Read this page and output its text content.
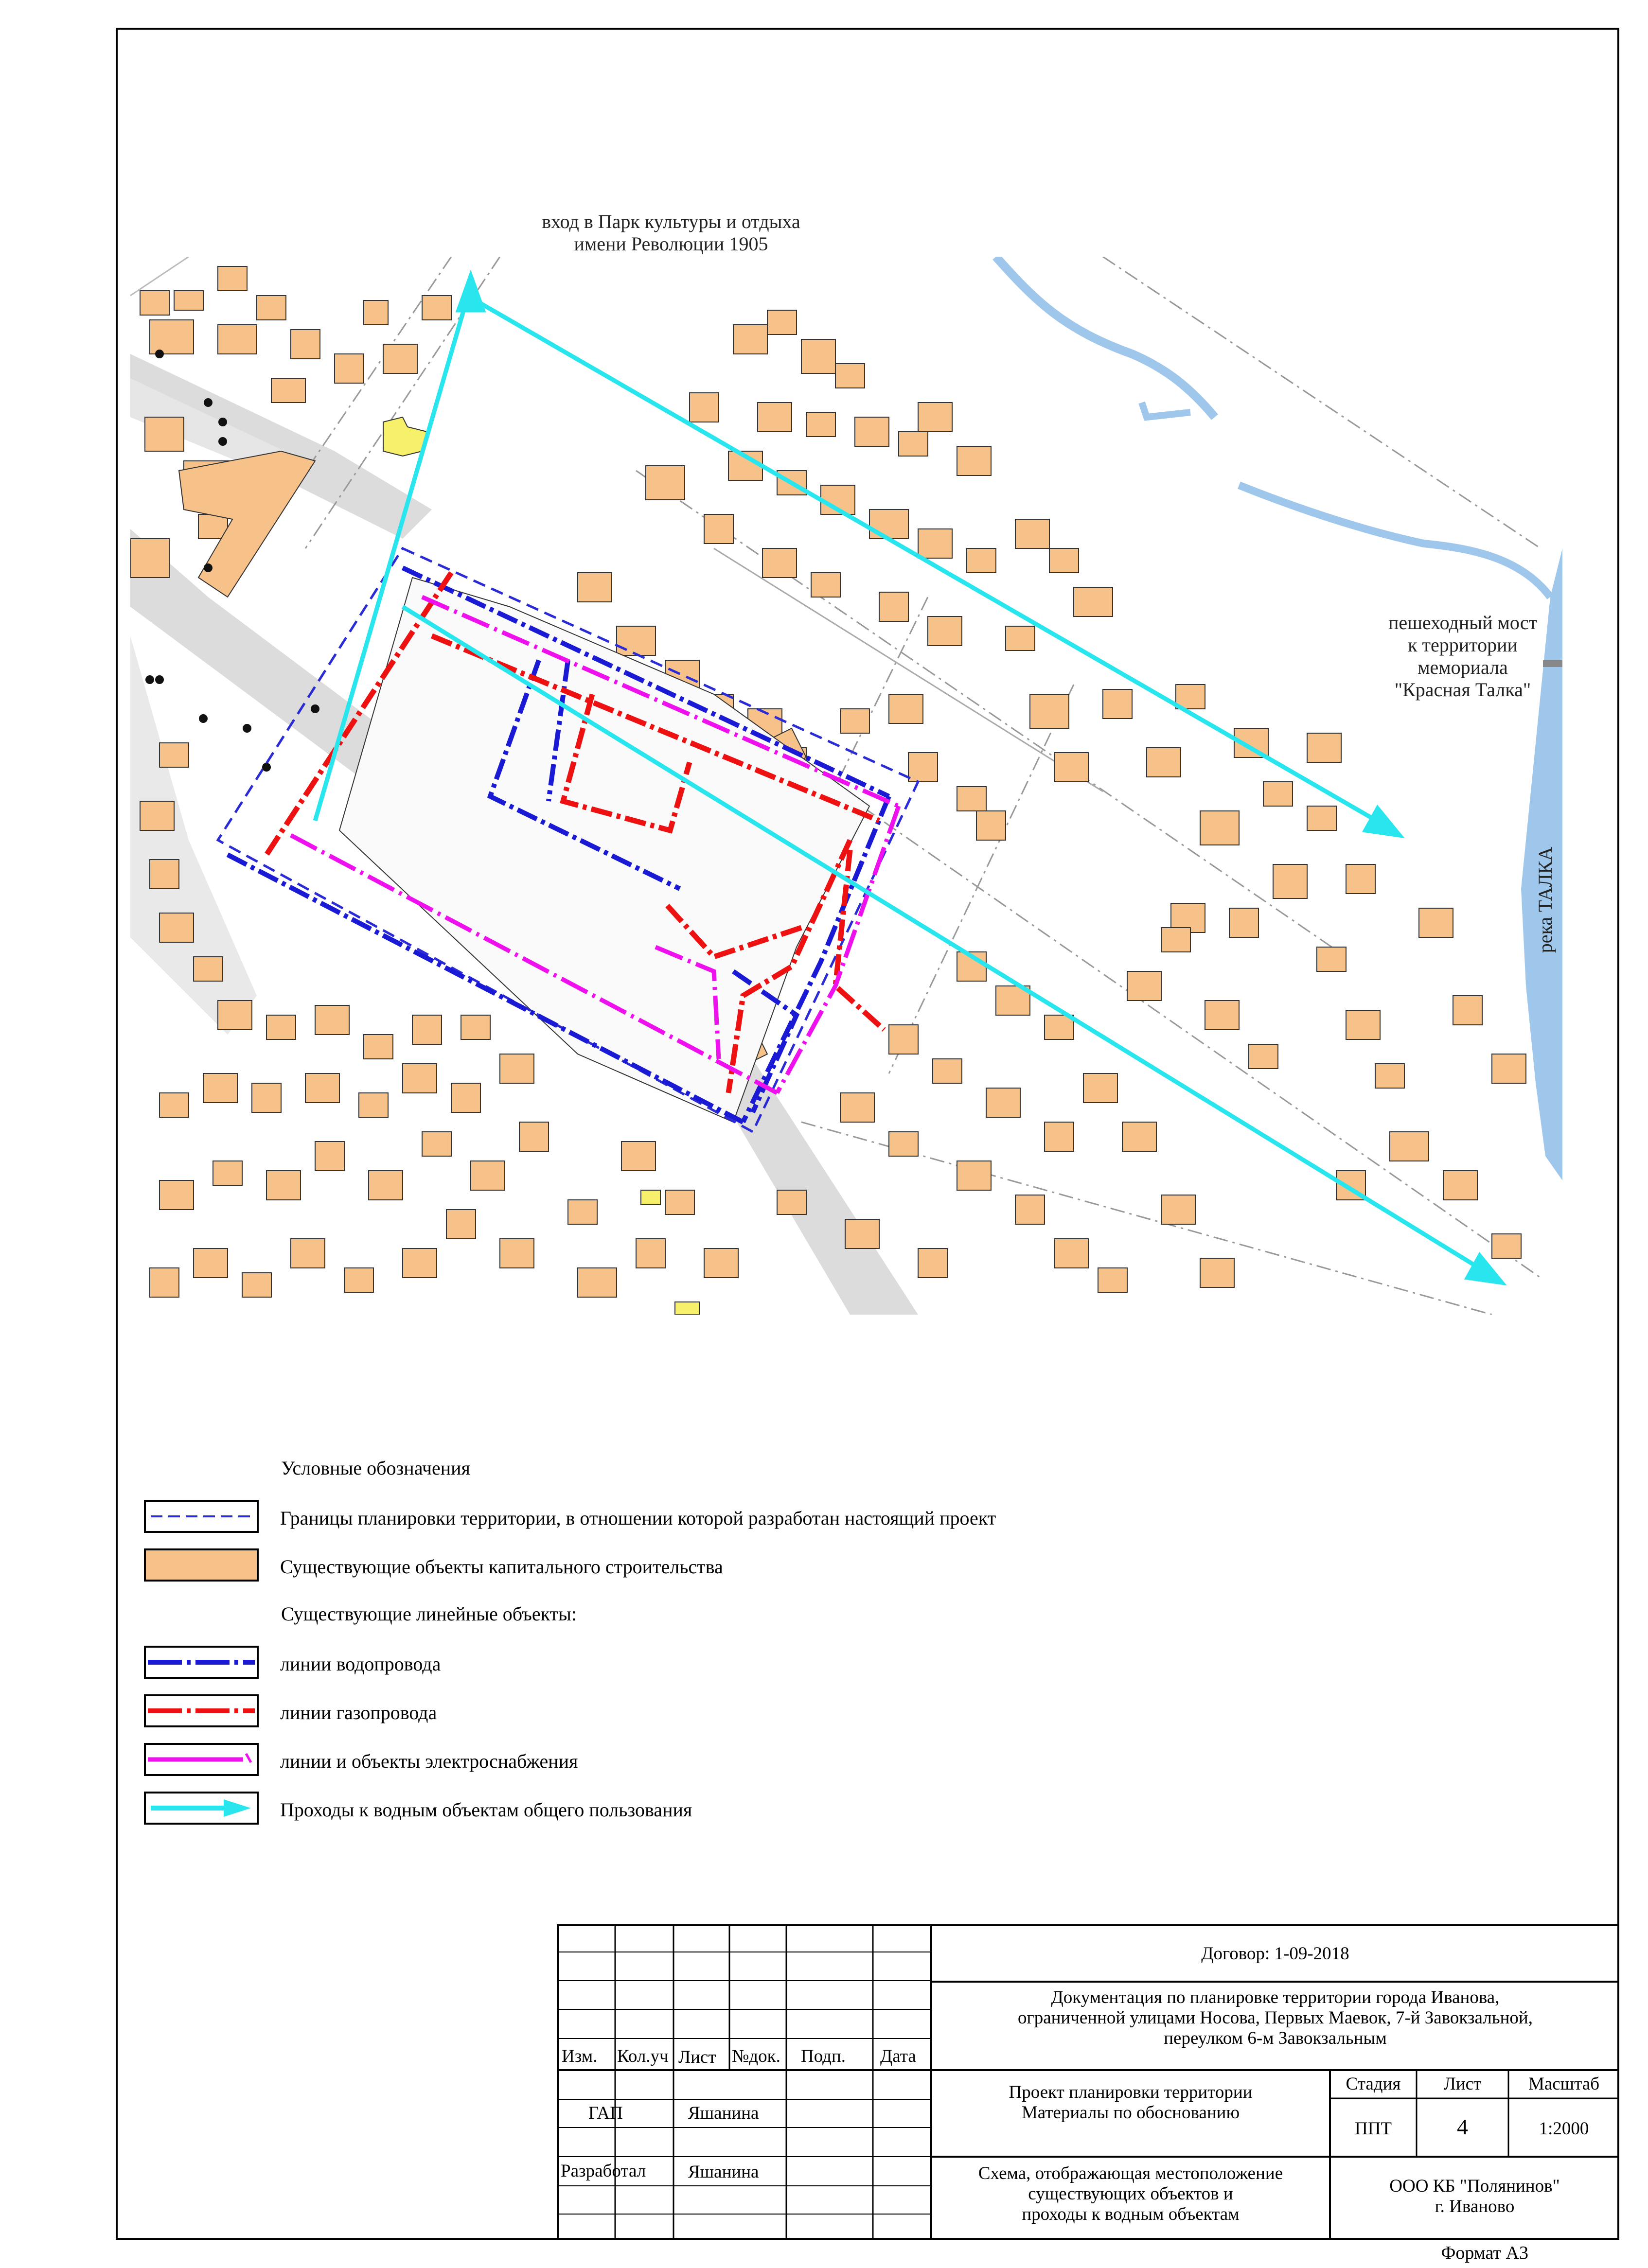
пешеходный мост
к территории
мемориала
"Красная Талка"
река ТАЛКА
вход в Парк культуры и отдыха
имени Революции 1905
Условные обозначения
Границы планировки территории, в отношении которой разработан настоящий проект
Существующие объекты капитального строительства
Существующие линейные объекты:
линии водопровода
линии газопровода
линии и объекты электроснабжения
Проходы к водным объектам общего пользования
Изм. Кол.уч Лист №док. Подп. Дата
ГАП	Яшанина
Разработал Яшанина
Договор: 1-09-2018
Документация по планировке территории города Иванова,
ограниченной улицами Носова, Первых Маевок, 7-й Завокзальной,
переулком 6-м Завокзальным
Проект планировки территории
Материалы по обоснованию
Стадия	Лист	Масштаб
ППТ	4	1:2000
Схема, отображающая местоположение
существующих объектов и
проходы к водным объектам
ООО КБ "Полянинов"
г. Иваново
Формат А3
